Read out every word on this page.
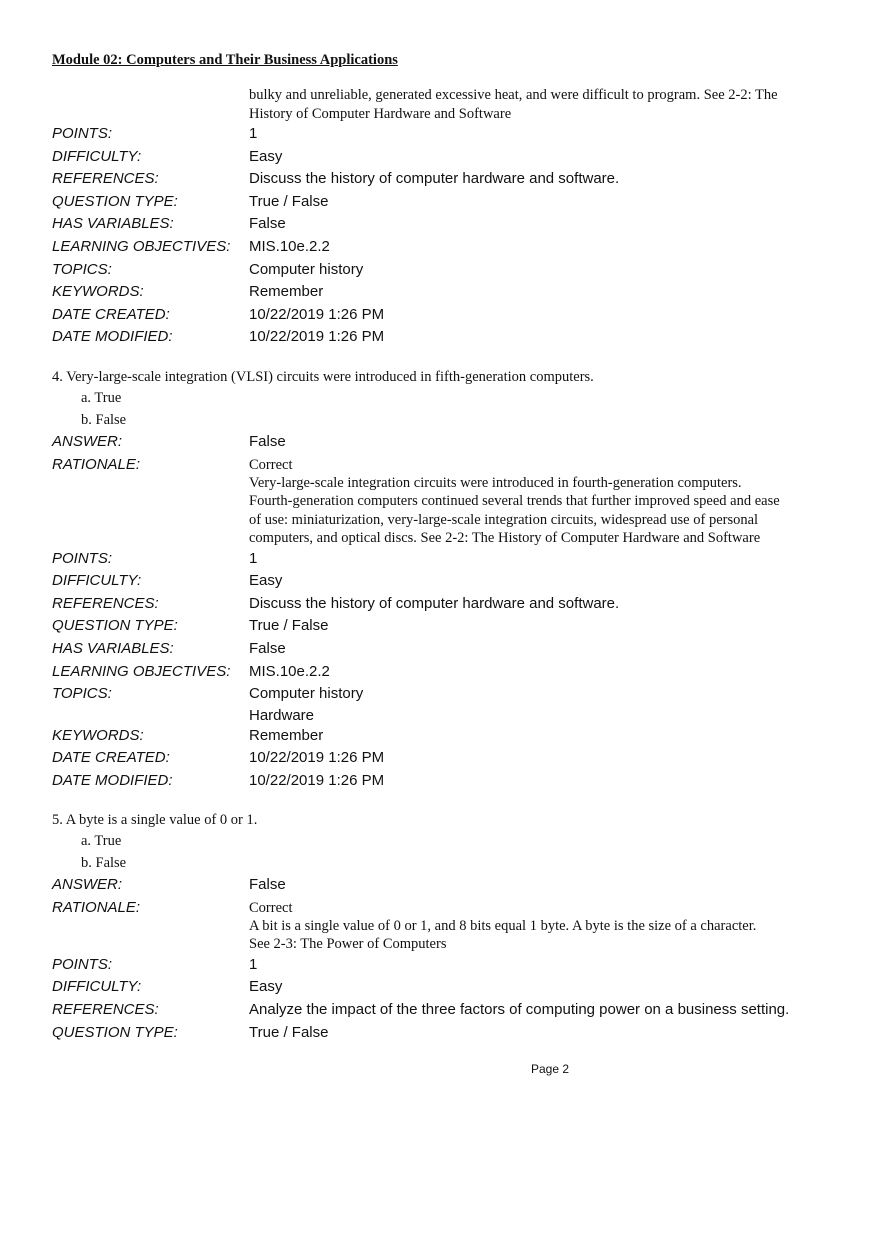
Module 02: Computers and Their Business Applications
bulky and unreliable, generated excessive heat, and were difficult to program. See 2-2: The
History of Computer Hardware and Software
POINTS:	1
DIFFICULTY:	Easy
REFERENCES:	Discuss the history of computer hardware and software.
QUESTION TYPE:	True / False
HAS VARIABLES:	False
LEARNING OBJECTIVES:	MIS.10e.2.2
TOPICS:	Computer history
KEYWORDS:	Remember
DATE CREATED:	10/22/2019 1:26 PM
DATE MODIFIED:	10/22/2019 1:26 PM
4. Very-large-scale integration (VLSI) circuits were introduced in fifth-generation computers.
a. True
b. False
ANSWER:	False
RATIONALE:	Correct
Very-large-scale integration circuits were introduced in fourth-generation computers.
Fourth-generation computers continued several trends that further improved speed and ease
of use: miniaturization, very-large-scale integration circuits, widespread use of personal
computers, and optical discs. See 2-2: The History of Computer Hardware and Software
POINTS:	1
DIFFICULTY:	Easy
REFERENCES:	Discuss the history of computer hardware and software.
QUESTION TYPE:	True / False
HAS VARIABLES:	False
LEARNING OBJECTIVES:	MIS.10e.2.2
TOPICS:	Computer history
Hardware
KEYWORDS:	Remember
DATE CREATED:	10/22/2019 1:26 PM
DATE MODIFIED:	10/22/2019 1:26 PM
5. A byte is a single value of 0 or 1.
a. True
b. False
ANSWER:	False
RATIONALE:	Correct
A bit is a single value of 0 or 1, and 8 bits equal 1 byte. A byte is the size of a character.
See 2-3: The Power of Computers
POINTS:	1
DIFFICULTY:	Easy
REFERENCES:	Analyze the impact of the three factors of computing power on a business setting.
QUESTION TYPE:	True / False
Page 2
